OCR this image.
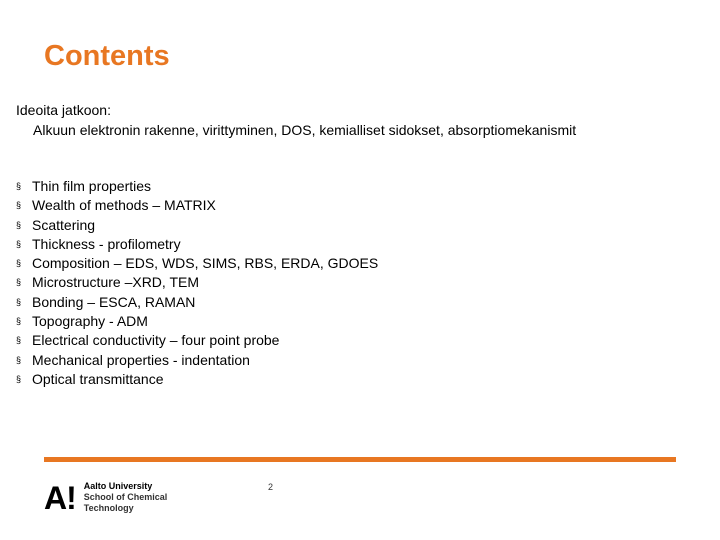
Contents
Ideoita jatkoon:
Alkuun elektronin rakenne, virittyminen, DOS, kemialliset sidokset, absorptiomekanismit
§ Thin film properties
§ Wealth of methods – MATRIX
§ Scattering
§ Thickness - profilometry
§ Composition – EDS, WDS, SIMS, RBS, ERDA, GDOES
§ Microstructure –XRD, TEM
§ Bonding – ESCA, RAMAN
§ Topography - ADM
§ Electrical conductivity – four point probe
§ Mechanical properties - indentation
§ Optical transmittance
A! Aalto University
School of Chemical
Technology
2
